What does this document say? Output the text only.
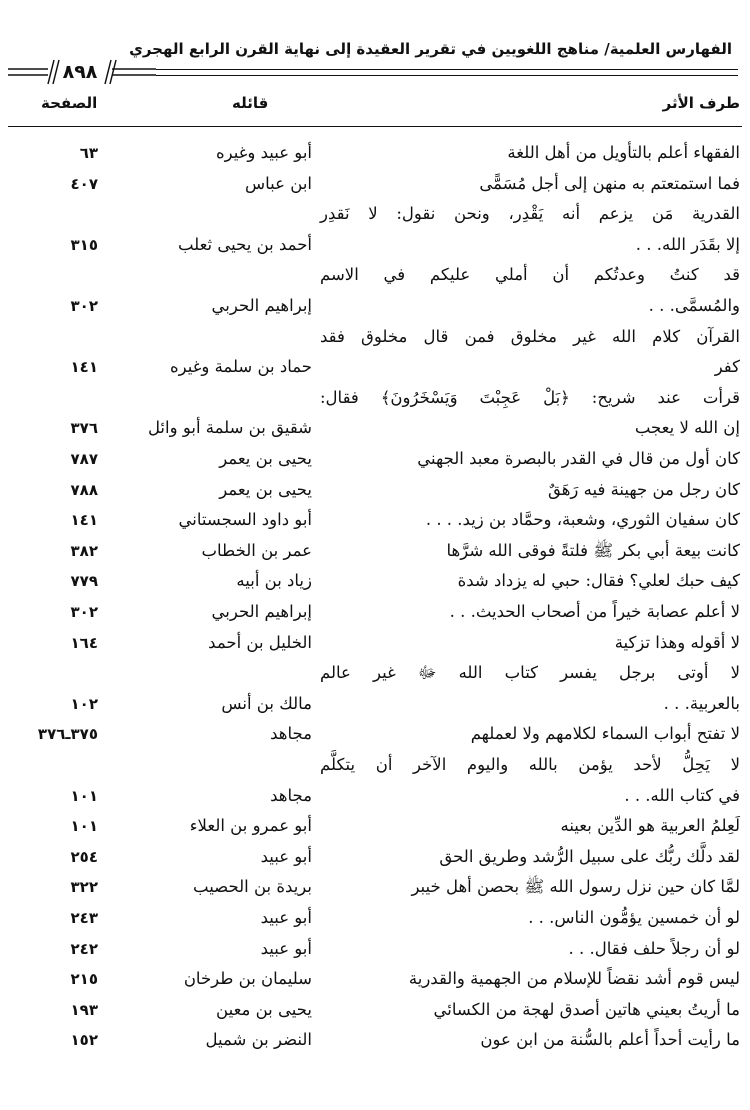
الفهارس العلمية/ مناهج اللغويين في تقرير العقيدة إلى نهاية القرن الرابع الهجري
٨٩٨
طرف الأثر
قائله
الصفحة
الفقهاء أعلم بالتأويل من أهل اللغة
أبو عبيد وغيره
٦٣
فما استمتعتم به منهن إلى أجل مُسَمًّى
ابن عباس
٤٠٧
القدرية مَن يزعم أنه يَقْدِر، ونحن نقول: لا نَقدِر
إلا بقَدَر الله. . .
أحمد بن يحيى ثعلب
٣١٥
قد كنتُ وعدتُكم أن أملي عليكم في الاسم
والمُسمَّى. . .
إبراهيم الحربي
٣٠٢
القرآن كلام الله غير مخلوق فمن قال مخلوق فقد
كفر
حماد بن سلمة وغيره
١٤١
قرأت عند شريح: ﴿بَلْ عَجِبْتَ وَيَسْخَرُونَ﴾ فقال:
إن الله لا يعجب
شقيق بن سلمة أبو وائل
٣٧٦
كان أول من قال في القدر بالبصرة معبد الجهني
يحيى بن يعمر
٧٨٧
كان رجل من جهينة فيه رَهَقٌ
يحيى بن يعمر
٧٨٨
كان سفيان الثوري، وشعبة، وحمَّاد بن زيد. . . .
أبو داود السجستاني
١٤١
كانت بيعة أبي بكر ﷺ فلتةً فوقى الله شرَّها
عمر بن الخطاب
٣٨٢
كيف حبك لعلي؟ فقال: حبي له يزداد شدة
زياد بن أبيه
٧٧٩
لا أعلم عصابة خيراً من أصحاب الحديث. . .
إبراهيم الحربي
٣٠٢
لا أقوله وهذا تزكية
الخليل بن أحمد
١٦٤
لا أوتى برجل يفسر كتاب الله ﷻ غير عالم
بالعربية. . .
مالك بن أنس
١٠٢
لا تفتح أبواب السماء لكلامهم ولا لعملهم
مجاهد
٣٧٥ـ٣٧٦
لا يَحِلُّ لأحد يؤمن بالله واليوم الآخر أن يتكلَّم
في كتاب الله. . .
مجاهد
١٠١
لَعِلمُ العربية هو الدِّين بعينه
أبو عمرو بن العلاء
١٠١
لقد دلَّك ربُّك على سبيل الرُّشد وطريق الحق
أبو عبيد
٢٥٤
لمَّا كان حين نزل رسول الله ﷺ بحصن أهل خيبر
بريدة بن الحصيب
٣٢٢
لو أن خمسين يؤمُّون الناس. . .
أبو عبيد
٢٤٣
لو أن رجلاً حلف فقال. . .
أبو عبيد
٢٤٢
ليس قوم أشد نقضاً للإسلام من الجهمية والقدرية
سليمان بن طرخان
٢١٥
ما أريتُ بعيني هاتين أصدق لهجة من الكسائي
يحيى بن معين
١٩٣
ما رأيت أحداً أعلم بالسُّنة من ابن عون
النضر بن شميل
١٥٢
